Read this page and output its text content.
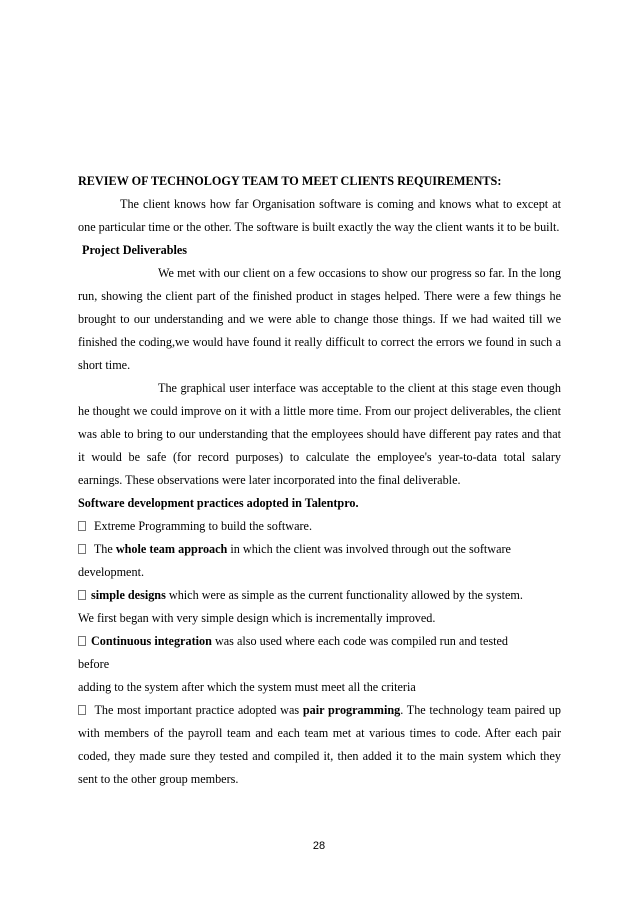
REVIEW OF TECHNOLOGY TEAM TO MEET CLIENTS REQUIREMENTS:

The client knows how far Organisation software is coming and knows what to except at one particular time or the other. The software is built exactly the way the client wants it to be built.

Project Deliverables

We met with our client on a few occasions to show our progress so far. In the long run, showing the client part of the finished product in stages helped. There were a few things he brought to our understanding and we were able to change those things. If we had waited till we finished the coding,we would have found it really difficult to correct the errors we found in such a short time.

The graphical user interface was acceptable to the client at this stage even though he thought we could improve on it with a little more time. From our project deliverables, the client was able to bring to our understanding that the employees should have different pay rates and that it would be safe (for record purposes) to calculate the employee's year-to-data total salary earnings. These observations were later incorporated into the final deliverable.

Software development practices adopted in Talentpro.

Extreme Programming to build the software.

The whole team approach in which the client was involved through out the software development.

simple designs which were as simple as the current functionality allowed by the system.

We first began with very simple design which is incrementally improved.

Continuous integration was also used where each code was compiled run and tested

before

adding to the system after which the system must meet all the criteria

The most important practice adopted was pair programming. The technology team paired up with members of the payroll team and each team met at various times to code. After each pair coded, they made sure they tested and compiled it, then added it to the main system which they sent to the other group members.

28
